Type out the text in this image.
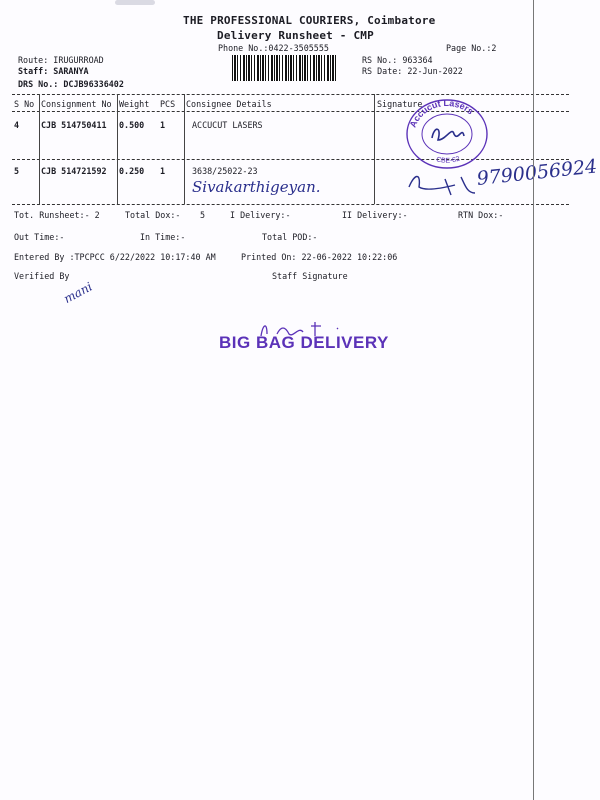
THE PROFESSIONAL COURIERS, Coimbatore
Delivery Runsheet - CMP
Phone No.:0422-3505555	Page No.:2
Route: IRUGURROAD
Staff: SARANYA
DRS No.: DCJB96336402
RS No.: 963364
RS Date: 22-Jun-2022
S No Consignment No Weight PCS Consignee Details	Signature
4	CJB 514750411 0.500 1	ACCUCUT LASERS
5	CJB 514721592 0.250 1	3638/25022-23
Sivakarthigeyan.	9790056924
Accucut Lasers
CBE-62
Tot. Runsheet:- 2	Total Dox:- 5	I Delivery:-	II Delivery:-	RTN Dox:-
Out Time:-	In Time:-	Total POD:-
Entered By :TPCPCC 6/22/2022 10:17:40 AM	Printed On: 22-06-2022 10:22:06
Verified By	Staff Signature
mani
BIG BAG DELIVERY
